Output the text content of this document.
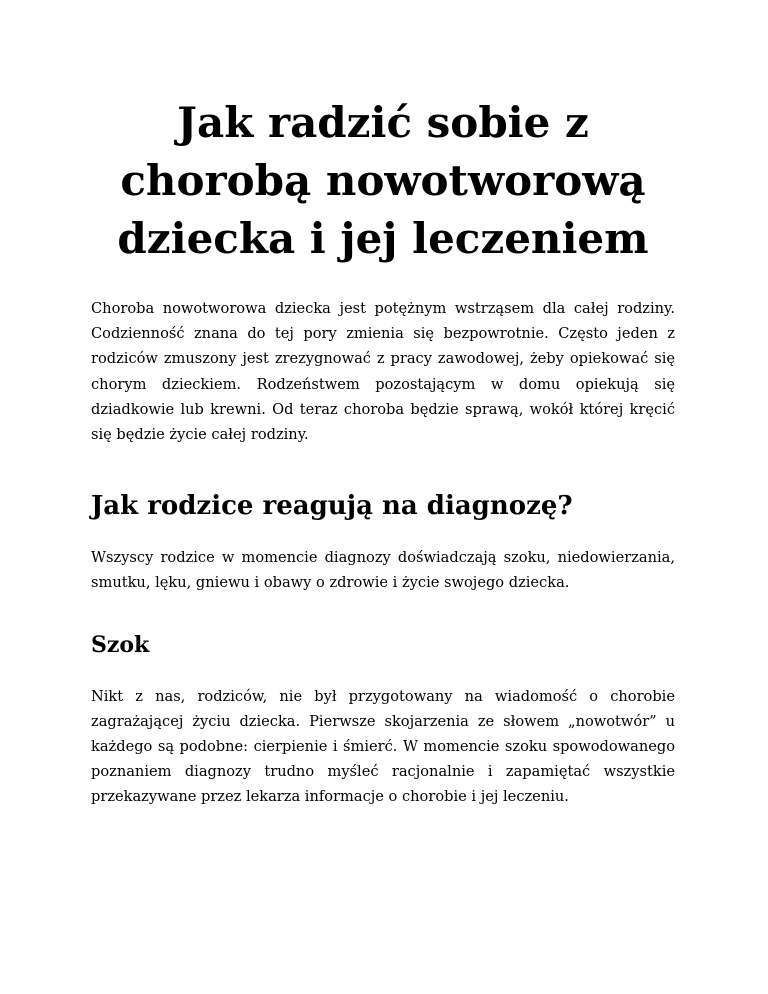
Jak radzić sobie z chorobą nowotworową dziecka i jej leczeniem

Choroba nowotworowa dziecka jest potężnym wstrząsem dla całej rodziny. Codzienność znana do tej pory zmienia się bezpowrotnie. Często jeden z rodziców zmuszony jest zrezygnować z pracy zawodowej, żeby opiekować się chorym dzieckiem. Rodzeństwem pozostającym w domu opiekują się dziadkowie lub krewni. Od teraz choroba będzie sprawą, wokół której kręcić się będzie życie całej rodziny.

Jak rodzice reagują na diagnozę?

Wszyscy rodzice w momencie diagnozy doświadczają szoku, niedowierzania, smutku, lęku, gniewu i obawy o zdrowie i życie swojego dziecka.

Szok

Nikt z nas, rodziców, nie był przygotowany na wiadomość o chorobie zagrażającej życiu dziecka. Pierwsze skojarzenia ze słowem „nowotwór” u każdego są podobne: cierpienie i śmierć. W momencie szoku spowodowanego poznaniem diagnozy trudno myśleć racjonalnie i zapamiętać wszystkie przekazywane przez lekarza informacje o chorobie i jej leczeniu.
